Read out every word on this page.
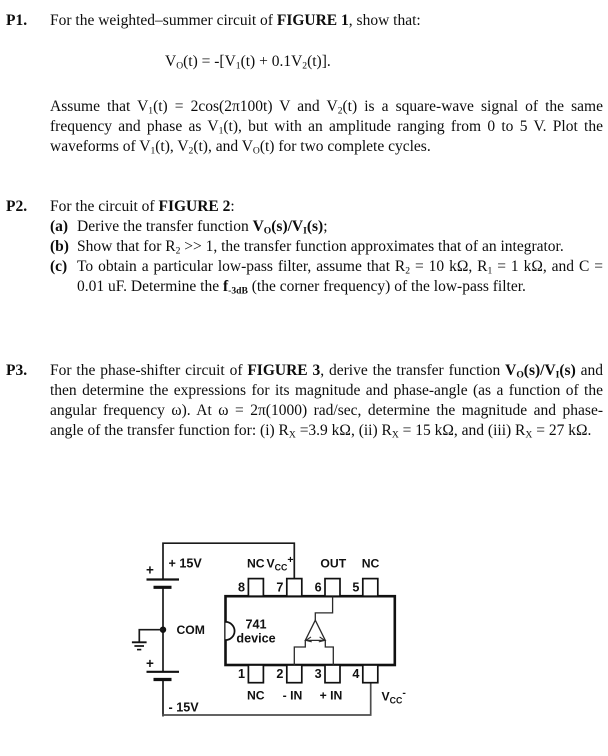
P1. For the weighted–summer circuit of FIGURE 1, show that:
$V_O(t) = -[V_1(t) + 0.1V_2(t)]$.
Assume that $V_1(t) = 2\cos(2\pi 100t)$ V and $V_2(t)$ is a square-wave signal of the same frequency and phase as $V_1(t)$, but with an amplitude ranging from 0 to 5 V. Plot the waveforms of $V_1(t)$, $V_2(t)$, and $V_O(t)$ for two complete cycles.
P2. For the circuit of FIGURE 2:
(a) Derive the transfer function $V_O(s)/V_I(s)$;
(b) Show that for $R_2 >> 1$, the transfer function approximates that of an integrator.
(c) To obtain a particular low-pass filter, assume that $R_2 = 10$ kΩ, $R_1 = 1$ kΩ, and C = 0.01 uF. Determine the $f_{-3dB}$ (the corner frequency) of the low-pass filter.
P3. For the phase-shifter circuit of FIGURE 3, derive the transfer function $V_O(s)/V_I(s)$ and then determine the expressions for its magnitude and phase-angle (as a function of the angular frequency ω). At ω = 2π(1000) rad/sec, determine the magnitude and phase-angle of the transfer function for: (i) $R_X =3.9$ kΩ, (ii) $R_X = 15$ kΩ, and (iii) $R_X = 27$ kΩ.
+ 15V
+
COM
+
- 15V
741
device
NC $V_{CC}+$ OUT NC
8 7 6 5
1 2 3 4
NC - IN + IN	$V_{CC}-$
